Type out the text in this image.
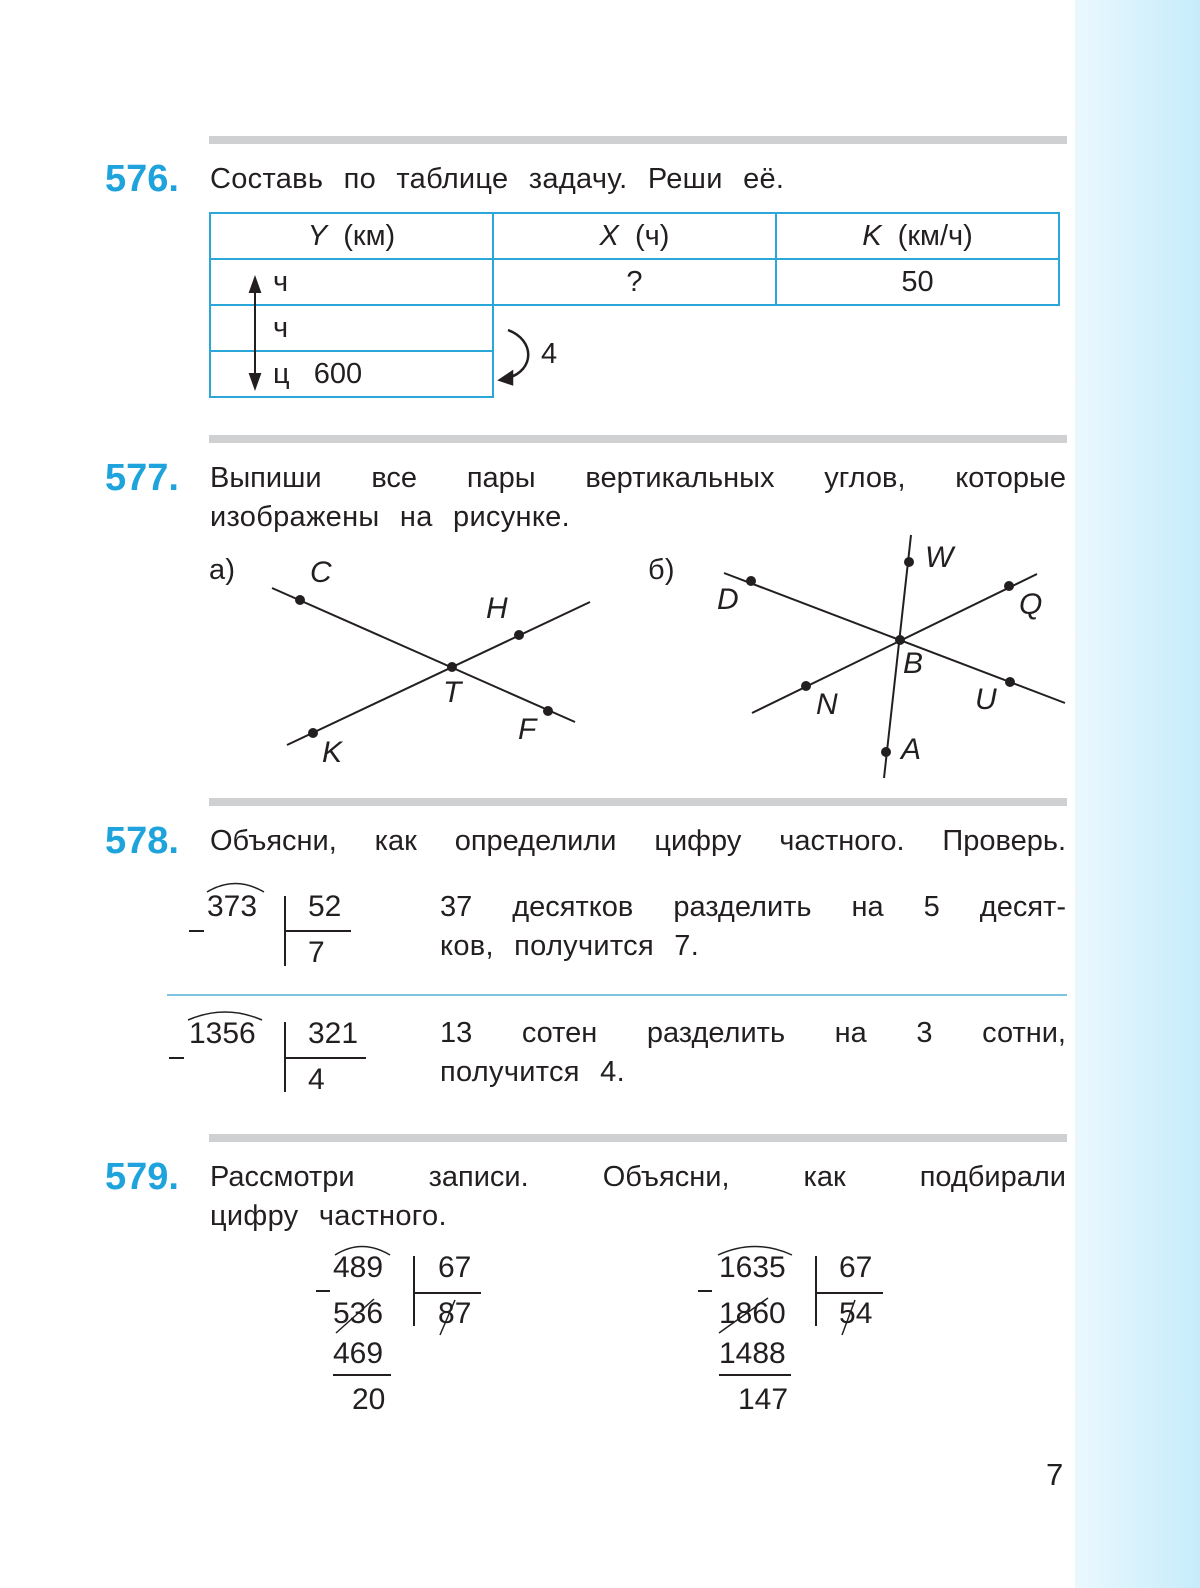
576. Составь по таблице задачу. Реши её.
Y (км)	X (ч)	K (км/ч)
ч	?	50
ч		
ц 600		
4
577. Выпиши все пары вертикальных углов, которые
изображены на рисунке.
а) C
H
T
F
K
б)
D
W
Q
B
N	U
A
578. Объясни, как определили цифру частного. Проверь.
373 52
7
37 десятков разделить на 5 десят-
ков, получится 7.
1356 321
4
13 сотен разделить на 3 сотни,
получится 4.
579. Рассмотри записи. Объясни, как подбирали
цифру частного.
489
536
469
20
67
87
1635
1860
1488
147
67
54
7
